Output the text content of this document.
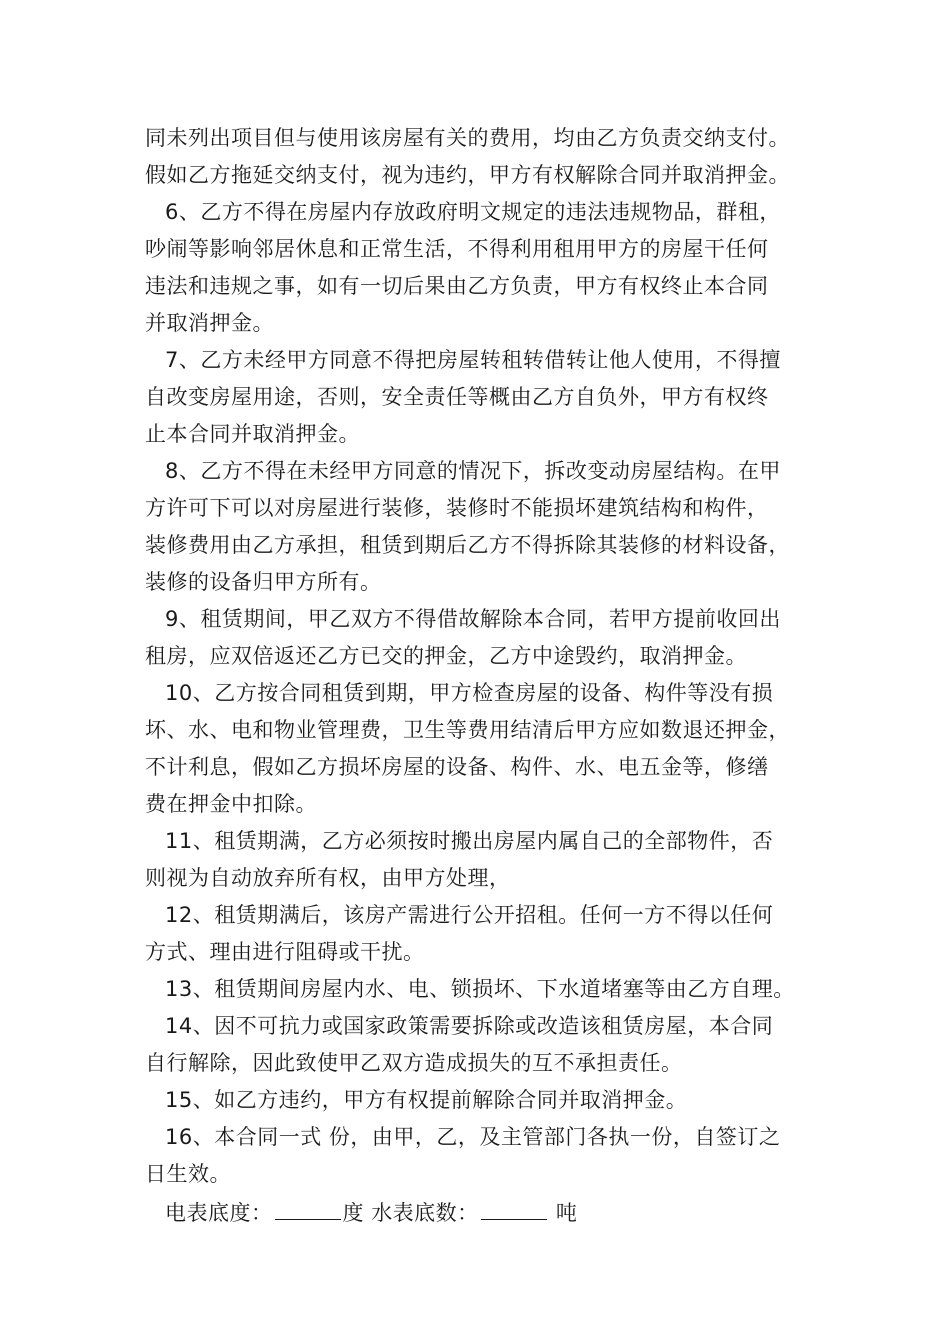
同未列出项目但与使用该房屋有关的费用，均由乙方负责交纳支付。
假如乙方拖延交纳支付，视为违约，甲方有权解除合同并取消押金。
6、乙方不得在房屋内存放政府明文规定的违法违规物品，群租，
吵闹等影响邻居休息和正常生活，不得利用租用甲方的房屋干任何
违法和违规之事，如有一切后果由乙方负责，甲方有权终止本合同
并取消押金。
7、乙方未经甲方同意不得把房屋转租转借转让他人使用，不得擅
自改变房屋用途，否则，安全责任等概由乙方自负外，甲方有权终
止本合同并取消押金。
8、乙方不得在未经甲方同意的情况下，拆改变动房屋结构。在甲
方许可下可以对房屋进行装修，装修时不能损坏建筑结构和构件，
装修费用由乙方承担，租赁到期后乙方不得拆除其装修的材料设备，
装修的设备归甲方所有。
9、租赁期间，甲乙双方不得借故解除本合同，若甲方提前收回出
租房，应双倍返还乙方已交的押金，乙方中途毁约，取消押金。
10、乙方按合同租赁到期，甲方检查房屋的设备、构件等没有损
坏、水、电和物业管理费，卫生等费用结清后甲方应如数退还押金，
不计利息，假如乙方损坏房屋的设备、构件、水、电五金等，修缮
费在押金中扣除。
11、租赁期满，乙方必须按时搬出房屋内属自己的全部物件，否
则视为自动放弃所有权，由甲方处理，
12、租赁期满后，该房产需进行公开招租。任何一方不得以任何
方式、理由进行阻碍或干扰。
13、租赁期间房屋内水、电、锁损坏、下水道堵塞等由乙方自理。
14、因不可抗力或国家政策需要拆除或改造该租赁房屋，本合同
自行解除，因此致使甲乙双方造成损失的互不承担责任。
15、如乙方违约，甲方有权提前解除合同并取消押金。
16、本合同一式 份，由甲，乙，及主管部门各执一份，自签订之
日生效。
电表底度：	度 水表底数：	吨
